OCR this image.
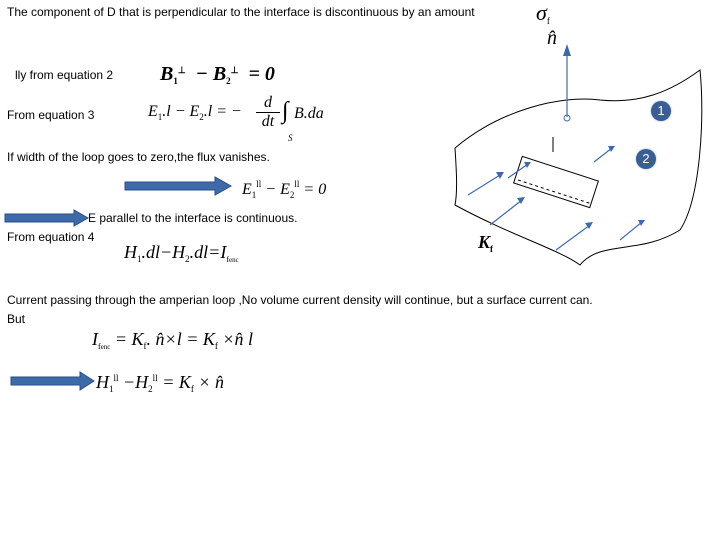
The component of D that is perpendicular to the interface is discontinuous by an amount	$\sigma_f$
lly from equation 2
From equation 3
If width of the loop goes to zero,the flux vanishes.
E parallel to the interface is continuous.
From equation 4
Current passing through the amperian loop ,No volume current density will continue, but a surface current can.
But
$B_1^\perp - B_2^\perp = 0$
$E_1.l - E_2.l$ = − $\frac{d}{dt}$ ∫
S
B.da
$E_1^{ll} - E_2^{ll} = 0$
$H_1.dl-H_2.dl=I_{fenc}$
$I_{fenc} = K_f$. n̂×l = $K_f$ ×n̂ l
$H_1^{ll} -H_2^{ll} = K_f$ × n̂
n̂
$K_f$
1
2
